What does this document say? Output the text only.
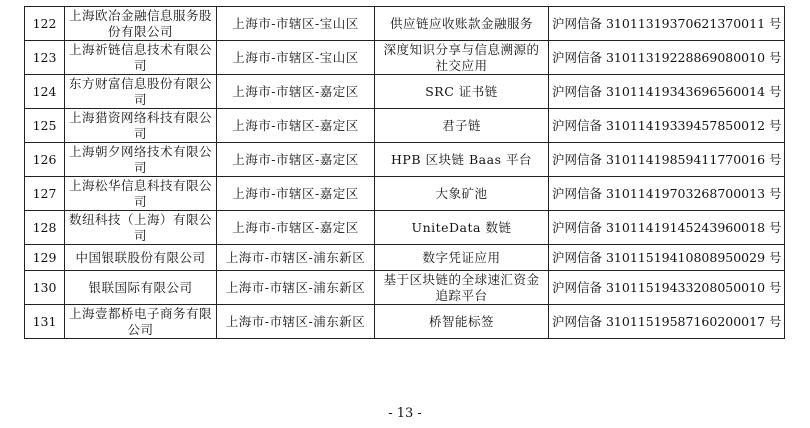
122	上海欧冶金融信息服务股份有限公司	上海市-市辖区-宝山区	供应链应收账款金融服务	沪网信备 31011319370621370011 号
123	上海祈链信息技术有限公司	上海市-市辖区-宝山区	深度知识分享与信息溯源的社交应用	沪网信备 31011319228869080010 号
124	东方财富信息股份有限公司	上海市-市辖区-嘉定区	SRC 证书链	沪网信备 31011419343696560014 号
125	上海猎资网络科技有限公司	上海市-市辖区-嘉定区	君子链	沪网信备 31011419339457850012 号
126	上海朝夕网络技术有限公司	上海市-市辖区-嘉定区	HPB 区块链 Baas 平台	沪网信备 31011419859411770016 号
127	上海松华信息科技有限公司	上海市-市辖区-嘉定区	大象矿池	沪网信备 31011419703268700013 号
128	数纽科技（上海）有限公司	上海市-市辖区-嘉定区	UniteData 数链	沪网信备 31011419145243960018 号
129	中国银联股份有限公司	上海市-市辖区-浦东新区	数字凭证应用	沪网信备 31011519410808950029 号
130	银联国际有限公司	上海市-市辖区-浦东新区	基于区块链的全球速汇资金追踪平台	沪网信备 31011519433208050010 号
131	上海壹都桥电子商务有限公司	上海市-市辖区-浦东新区	桥智能标签	沪网信备 31011519587160200017 号
- 13 -
